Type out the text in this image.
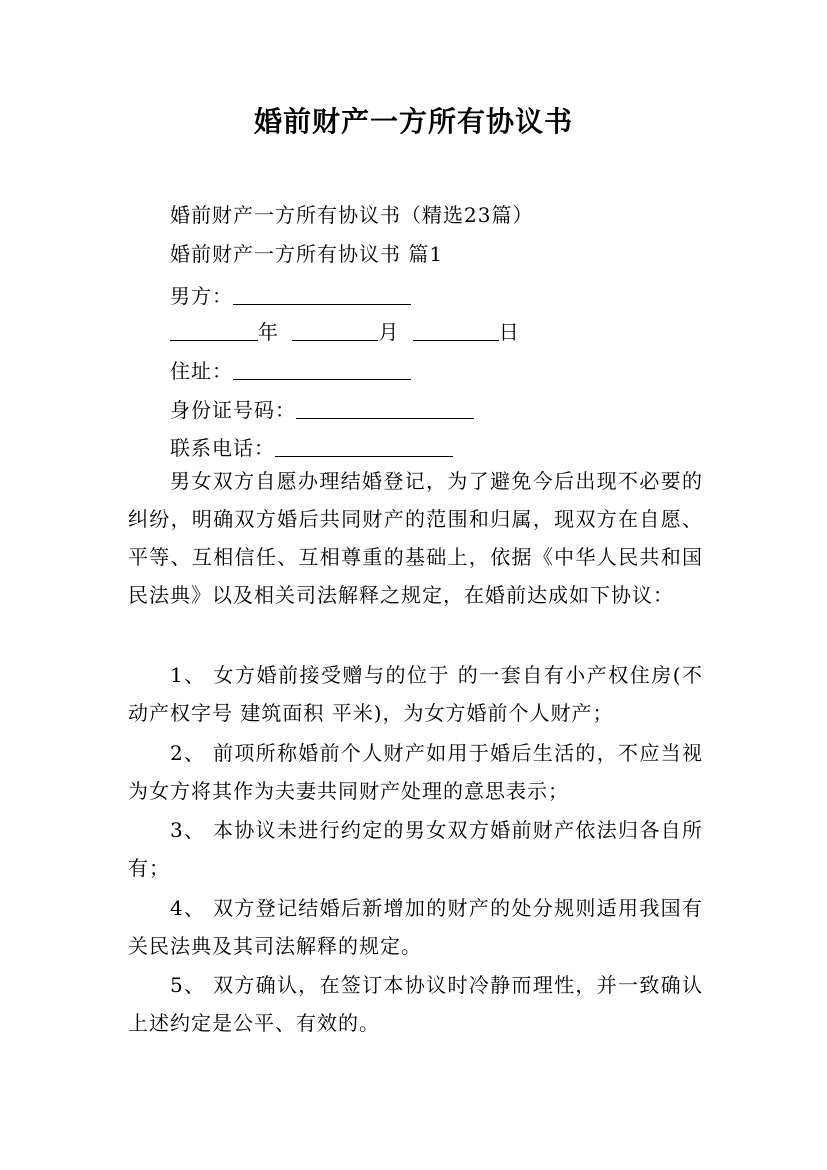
婚前财产一方所有协议书
婚前财产一方所有协议书（精选23篇）
婚前财产一方所有协议书 篇1
男方：
年	月	日
住址：
身份证号码：
联系电话：

男女双方自愿办理结婚登记，为了避免今后出现不必要的纠纷，明确双方婚后共同财产的范围和归属，现双方在自愿、平等、互相信任、互相尊重的基础上，依据《中华人民共和国民法典》以及相关司法解释之规定，在婚前达成如下协议：

1、 女方婚前接受赠与的位于 的一套自有小产权住房(不动产权字号 建筑面积 平米)，为女方婚前个人财产；

2、 前项所称婚前个人财产如用于婚后生活的，不应当视为女方将其作为夫妻共同财产处理的意思表示；

3、 本协议未进行约定的男女双方婚前财产依法归各自所有；

4、 双方登记结婚后新增加的财产的处分规则适用我国有关民法典及其司法解释的规定。

5、 双方确认，在签订本协议时冷静而理性，并一致确认上述约定是公平、有效的。
